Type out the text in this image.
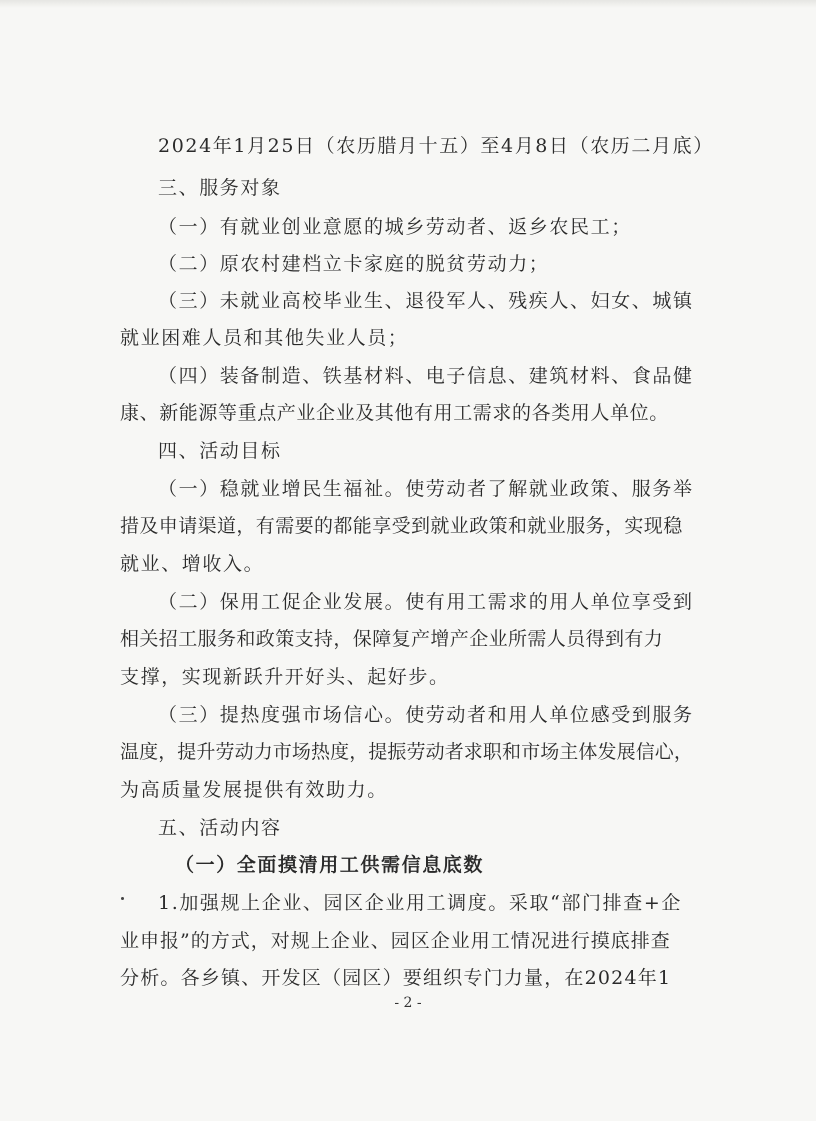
2024年1月25日（农历腊月十五）至4月8日（农历二月底）
三、服务对象
（一）有就业创业意愿的城乡劳动者、返乡农民工；
（二）原农村建档立卡家庭的脱贫劳动力；
（三）未就业高校毕业生、退役军人、残疾人、妇女、城镇
就业困难人员和其他失业人员；
（四）装备制造、铁基材料、电子信息、建筑材料、食品健
康、新能源等重点产业企业及其他有用工需求的各类用人单位。
四、活动目标
（一）稳就业增民生福祉。使劳动者了解就业政策、服务举
措及申请渠道，有需要的都能享受到就业政策和就业服务，实现稳
就业、增收入。
（二）保用工促企业发展。使有用工需求的用人单位享受到
相关招工服务和政策支持，保障复产增产企业所需人员得到有力
支撑，实现新跃升开好头、起好步。
（三）提热度强市场信心。使劳动者和用人单位感受到服务
温度，提升劳动力市场热度，提振劳动者求职和市场主体发展信心，
为高质量发展提供有效助力。
五、活动内容
（一）全面摸清用工供需信息底数
1.加强规上企业、园区企业用工调度。采取“部门排查+企
业申报”的方式，对规上企业、园区企业用工情况进行摸底排查
分析。各乡镇、开发区（园区）要组织专门力量，在2024年1
- 2 -
